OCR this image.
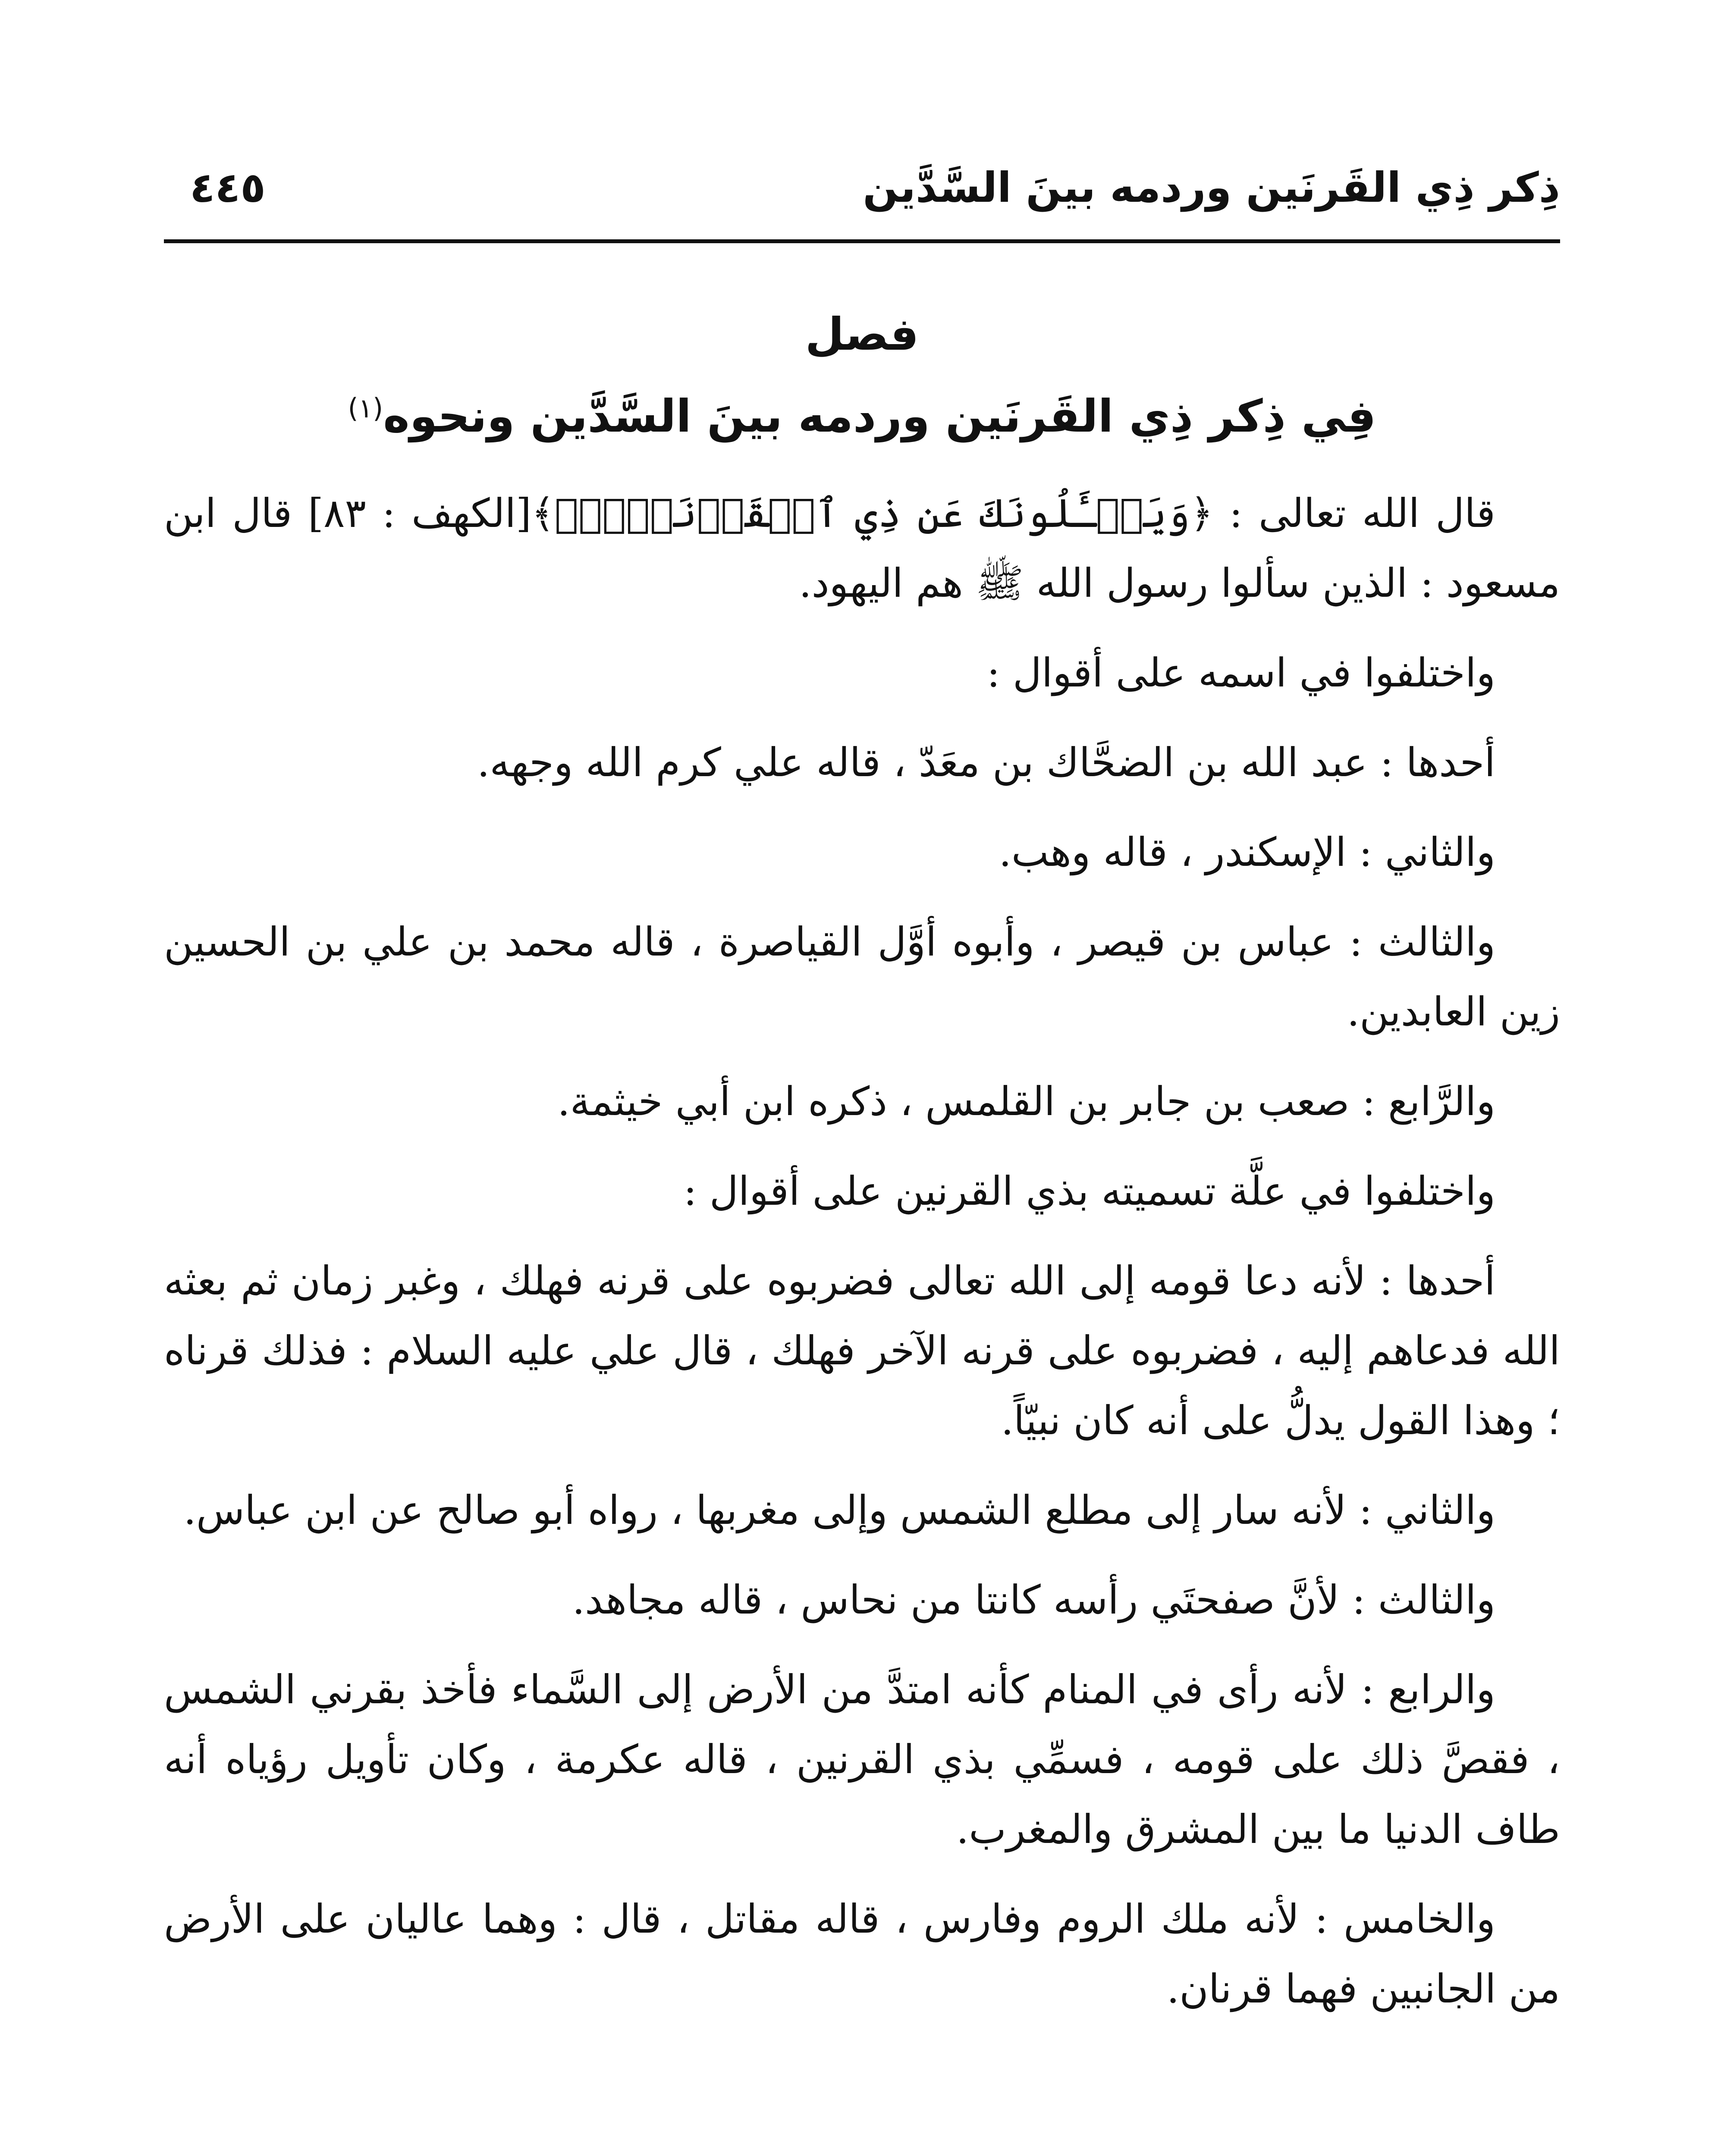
ذِكر ذِي القَرنَين وردمه بينَ السَّدَّين
٤٤٥
فصل
فِي ذِكر ذِي القَرنَين وردمه بينَ السَّدَّين ونحوه$^{(١)}$

قال الله تعالى : ﴿وَيَسۡـَٔلُونَكَ عَن ذِي ٱلۡقَرۡنَيۡنِۖ﴾[الكهف : ٨٣] قال ابن مسعود : الذين سألوا رسول الله ﷺ هم اليهود.

واختلفوا في اسمه على أقوال :

أحدها : عبد الله بن الضحَّاك بن معَدّ ، قاله علي كرم الله وجهه.

والثاني : الإسكندر ، قاله وهب.

والثالث : عباس بن قيصر ، وأبوه أوَّل القياصرة ، قاله محمد بن علي بن الحسين زين العابدين.

والرَّابع : صعب بن جابر بن القلمس ، ذكره ابن أبي خيثمة.

واختلفوا في علَّة تسميته بذي القرنين على أقوال :

أحدها : لأنه دعا قومه إلى الله تعالى فضربوه على قرنه فهلك ، وغبر زمان ثم بعثه الله فدعاهم إليه ، فضربوه على قرنه الآخر فهلك ، قال علي عليه السلام : فذلك قرناه ؛ وهذا القول يدلُّ على أنه كان نبيّاً.

والثاني : لأنه سار إلى مطلع الشمس وإلى مغربها ، رواه أبو صالح عن ابن عباس.

والثالث : لأنَّ صفحتَي رأسه كانتا من نحاس ، قاله مجاهد.

والرابع : لأنه رأى في المنام كأنه امتدَّ من الأرض إلى السَّماء فأخذ بقرني الشمس ، فقصَّ ذلك على قومه ، فسمِّي بذي القرنين ، قاله عكرمة ، وكان تأويل رؤياه أنه طاف الدنيا ما بين المشرق والمغرب.

والخامس : لأنه ملك الروم وفارس ، قاله مقاتل ، قال : وهما عاليان على الأرض من الجانبين فهما قرنان.
